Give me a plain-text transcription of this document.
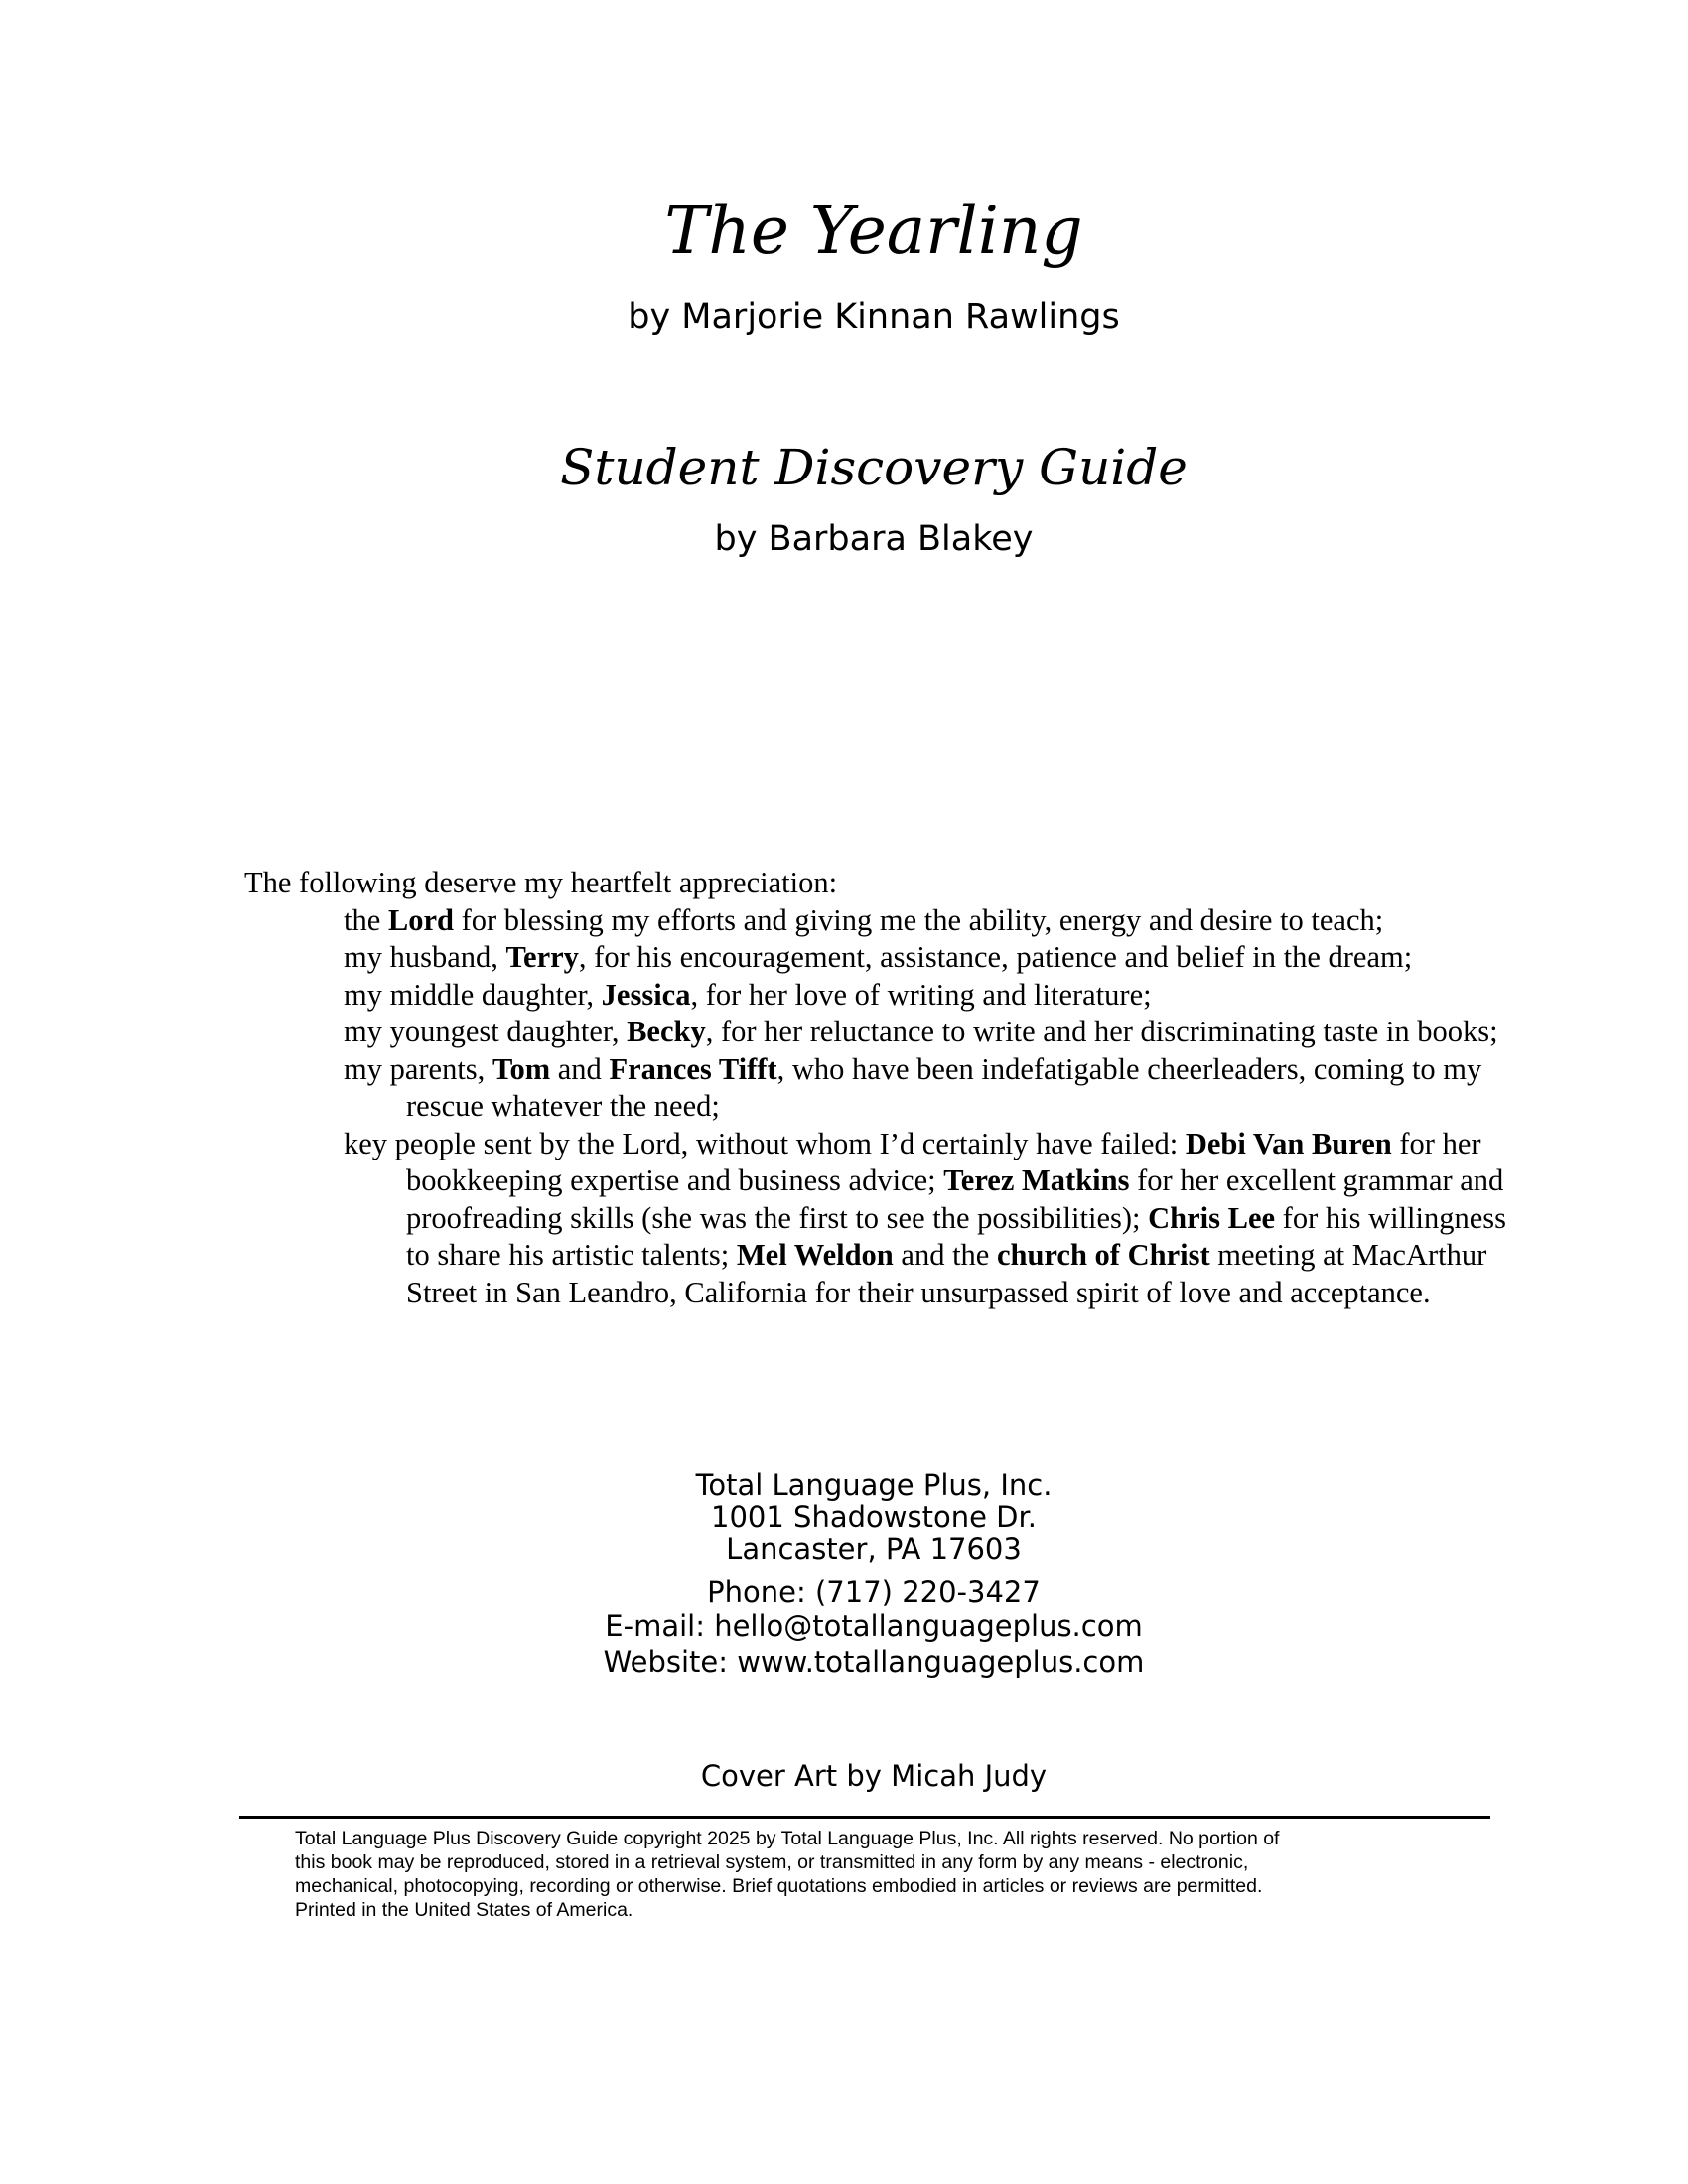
The Yearling
by Marjorie Kinnan Rawlings
Student Discovery Guide
by Barbara Blakey

The following deserve my heartfelt appreciation:

the Lord for blessing my efforts and giving me the ability, energy and desire to teach;
my husband, Terry, for his encouragement, assistance, patience and belief in the dream;
my middle daughter, Jessica, for her love of writing and literature;
my youngest daughter, Becky, for her reluctance to write and her discriminating taste in books;
my parents, Tom and Frances Tifft, who have been indefatigable cheerleaders, coming to my rescue whatever the need;
key people sent by the Lord, without whom I’d certainly have failed: Debi Van Buren for her bookkeeping expertise and business advice; Terez Matkins for her excellent grammar and proofreading skills (she was the first to see the possibilities); Chris Lee for his willingness to share his artistic talents; Mel Weldon and the church of Christ meeting at MacArthur Street in San Leandro, California for their unsurpassed spirit of love and acceptance.
Total Language Plus, Inc.
1001 Shadowstone Dr.
Lancaster, PA 17603
Phone: (717) 220-3427
E-mail: hello@totallanguageplus.com
Website: www.totallanguageplus.com
Cover Art by Micah Judy
Total Language Plus Discovery Guide copyright 2025 by Total Language Plus, Inc. All rights reserved. No portion of
this book may be reproduced, stored in a retrieval system, or transmitted in any form by any means - electronic,
mechanical, photocopying, recording or otherwise. Brief quotations embodied in articles or reviews are permitted.
Printed in the United States of America.
